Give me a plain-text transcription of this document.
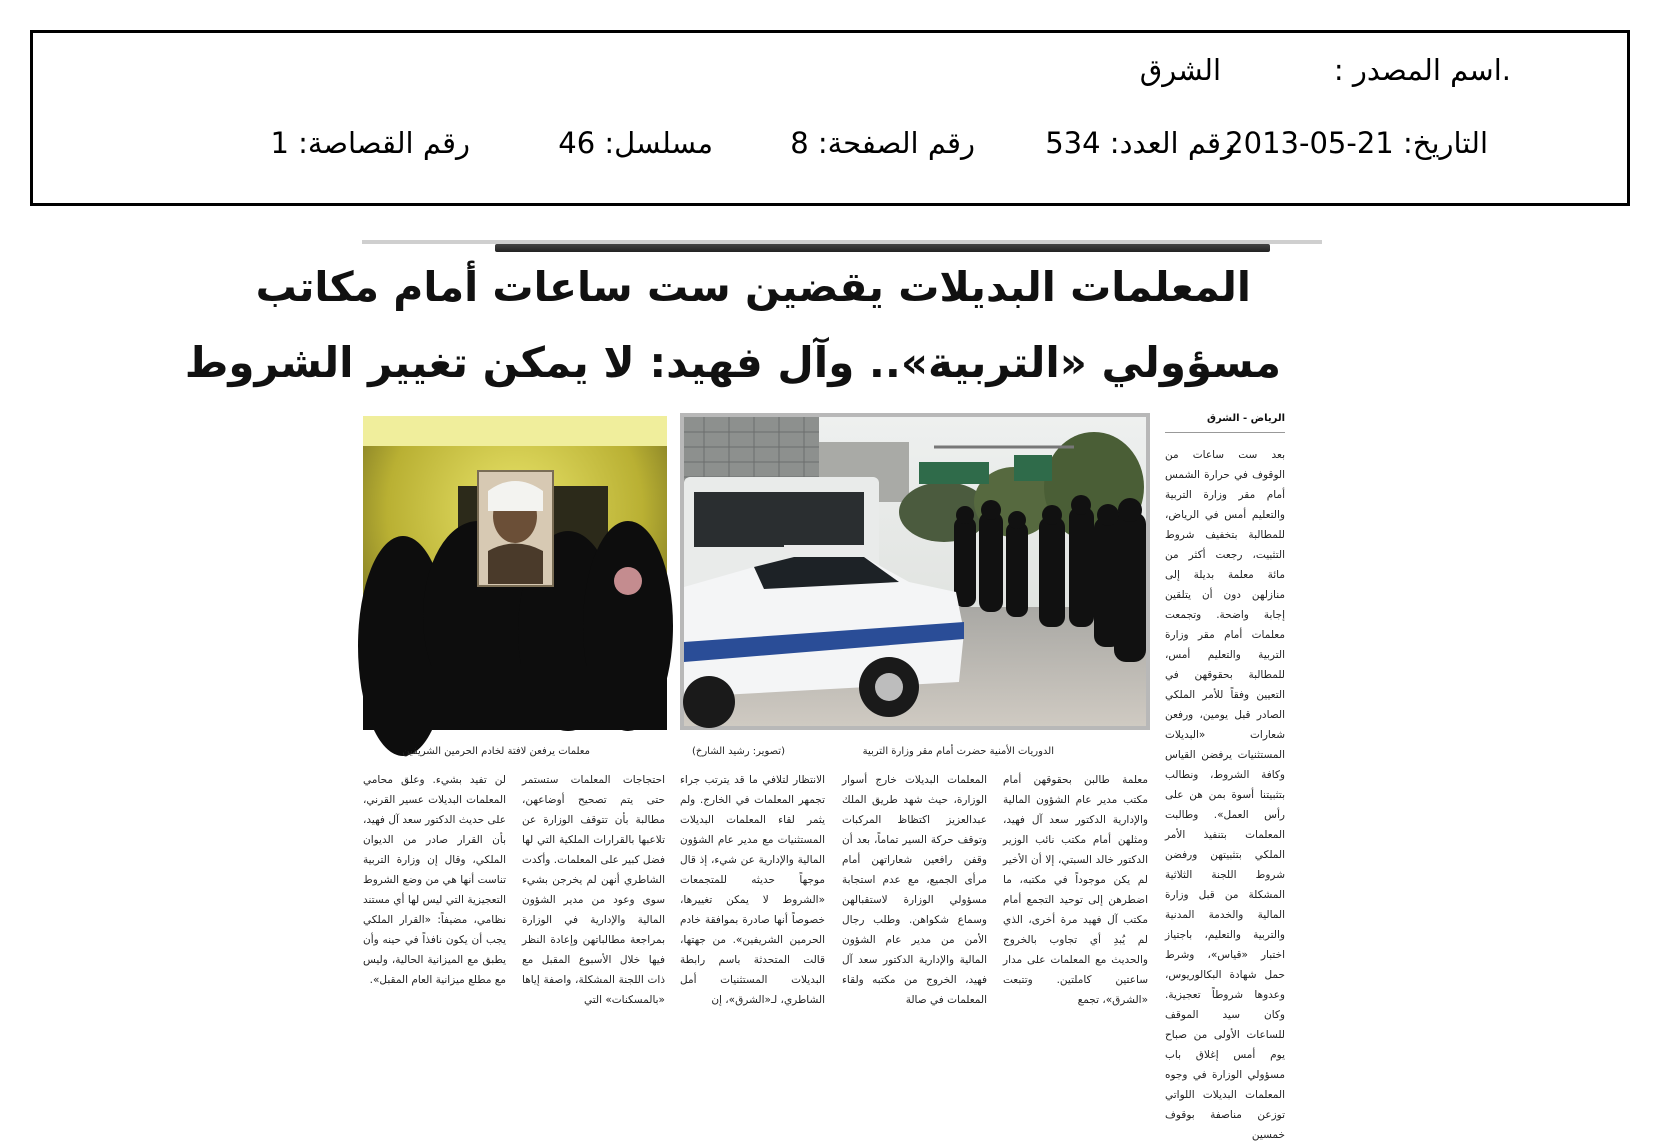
.اسم المصدر :
الشرق
التاريخ: 21-05-2013
رقم العدد: 534
رقم الصفحة: 8
مسلسل: 46
رقم القصاصة: 1
المعلمات البديلات يقضين ست ساعات أمام مكاتب
مسؤولي «التربية».. وآل فهيد: لا يمكن تغيير الشروط
الدوريات الأمنية حضرت أمام مقر وزارة التربية
(تصوير: رشيد الشارخ)
معلمات يرفعن لافتة لخادم الحرمين الشريفين
الرياض - الشرق

بعد ست ساعات من الوقوف في حرارة الشمس أمام مقر وزارة التربية والتعليم أمس في الرياض، للمطالبة بتخفيف شروط التثبيت، رجعت أكثر من مائة معلمة بديلة إلى منازلهن دون أن يتلقين إجابة واضحة. وتجمعت معلمات أمام مقر وزارة التربية والتعليم أمس، للمطالبة بحقوقهن في التعيين وفقاً للأمر الملكي الصادر قبل يومين، ورفعن شعارات «البديلات المستثنيات يرفضن القياس وكافة الشروط، ونطالب بتثبيتنا أسوة بمن هن على رأس العمل». وطالبت المعلمات بتنفيذ الأمر الملكي بتثبيتهن ورفضن شروط اللجنة الثلاثية المشكلة من قبل وزارة المالية والخدمة المدنية والتربية والتعليم، باجتياز اختبار «قياس»، وشرط حمل شهادة البكالوريوس، وعدوها شروطاً تعجيزية. وكان سيد الموقف للساعات الأولى من صباح يوم أمس إغلاق باب مسؤولي الوزارة في وجوه المعلمات البديلات اللواتي توزعن مناصفة بوقوف خمسين

معلمة طالبن بحقوقهن أمام مكتب مدير عام الشؤون المالية والإدارية الدكتور سعد آل فهيد، ومثلهن أمام مكتب نائب الوزير الدكتور خالد السبتي، إلا أن الأخير لم يكن موجوداً في مكتبه، ما اضطرهن إلى توحيد التجمع أمام مكتب آل فهيد مرة أخرى، الذي لم يُبدِ أي تجاوب بالخروج والحديث مع المعلمات على مدار ساعتين كاملتين. وتتبعت «الشرق»، تجمع

المعلمات البديلات خارج أسوار الوزارة، حيث شهد طريق الملك عبدالعزيز اكتظاظ المركبات وتوقف حركة السير تماماً، بعد أن وقفن رافعين شعاراتهن أمام مرأى الجميع، مع عدم استجابة مسؤولي الوزارة لاستقبالهن وسماع شكواهن. وطلب رجال الأمن من مدير عام الشؤون المالية والإدارية الدكتور سعد آل فهيد، الخروج من مكتبه ولقاء المعلمات في صالة

الانتظار لتلافي ما قد يترتب جراء تجمهر المعلمات في الخارج. ولم يثمر لقاء المعلمات البديلات المستثنيات مع مدير عام الشؤون المالية والإدارية عن شيء، إذ قال موجهاً حديثه للمتجمعات «الشروط لا يمكن تغييرها، خصوصاً أنها صادرة بموافقة خادم الحرمين الشريفين». من جهتها، قالت المتحدثة باسم رابطة البديلات المستثنيات أمل الشاطري، لـ«الشرق»، إن

احتجاجات المعلمات ستستمر حتى يتم تصحيح أوضاعهن، مطالبة بأن تتوقف الوزارة عن تلاعبها بالقرارات الملكية التي لها فضل كبير على المعلمات. وأكدت الشاطري أنهن لم يخرجن بشيء سوى وعود من مدير الشؤون المالية والإدارية في الوزارة بمراجعة مطالباتهن وإعادة النظر فيها خلال الأسبوع المقبل مع ذات اللجنة المشكلة، واصفة إياها «بالمسكنات» التي

لن تفيد بشيء. وعلق محامي المعلمات البديلات عسير القرني، على حديث الدكتور سعد آل فهيد، بأن القرار صادر من الديوان الملكي، وقال إن وزارة التربية تناست أنها هي من وضع الشروط التعجيزية التي ليس لها أي مستند نظامي، مضيفاً: «القرار الملكي يجب أن يكون نافذاً في حينه وأن يطبق مع الميزانية الحالية، وليس مع مطلع ميزانية العام المقبل».
